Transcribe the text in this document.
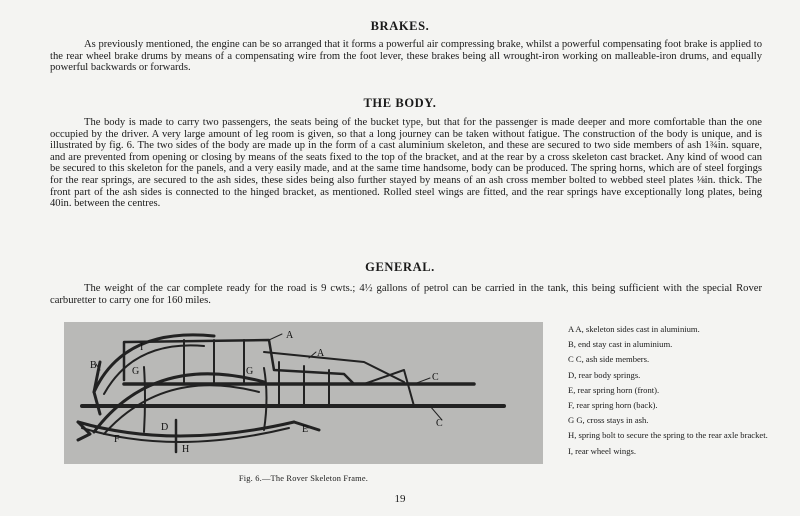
BRAKES.

As previously mentioned, the engine can be so arranged that it forms a powerful air compressing brake, whilst a powerful compensating foot brake is applied to the rear wheel brake drums by means of a compensating wire from the foot lever, these brakes being all wrought-iron working on malleable-iron drums, and equally powerful backwards or forwards.

THE BODY.

The body is made to carry two passengers, the seats being of the bucket type, but that for the passenger is made deeper and more comfortable than the one occupied by the driver. A very large amount of leg room is given, so that a long journey can be taken without fatigue. The construction of the body is unique, and is illustrated by fig. 6. The two sides of the body are made up in the form of a cast aluminium skeleton, and these are secured to two side members of ash 1¾in. square, and are prevented from opening or closing by means of the seats fixed to the top of the bracket, and at the rear by a cross skeleton cast bracket. Any kind of wood can be secured to this skeleton for the panels, and a very easily made, and at the same time handsome, body can be produced. The spring horns, which are of steel forgings for the rear springs, are secured to the ash sides, these sides being also further stayed by means of an ash cross member bolted to webbed steel plates ⅛in. thick. The front part of the ash sides is connected to the hinged bracket, as mentioned. Rolled steel wings are fitted, and the rear springs have exceptionally long plates, being 40in. between the centres.

GENERAL.

The weight of the car complete ready for the road is 9 cwts.; 4½ gallons of petrol can be carried in the tank, this being sufficient with the special Rover carburetter to carry one for 160 miles.

A
A
B
C
C
D	E
F
G	G
H
I
Fig. 6.—The Rover Skeleton Frame.
A A, skeleton sides cast in aluminium.
B, end stay cast in aluminium.
C C, ash side members.
D, rear body springs.
E, rear spring horn (front).
F, rear spring horn (back).
G G, cross stays in ash.
H, spring bolt to secure the spring to the rear axle bracket.
I, rear wheel wings.
19
